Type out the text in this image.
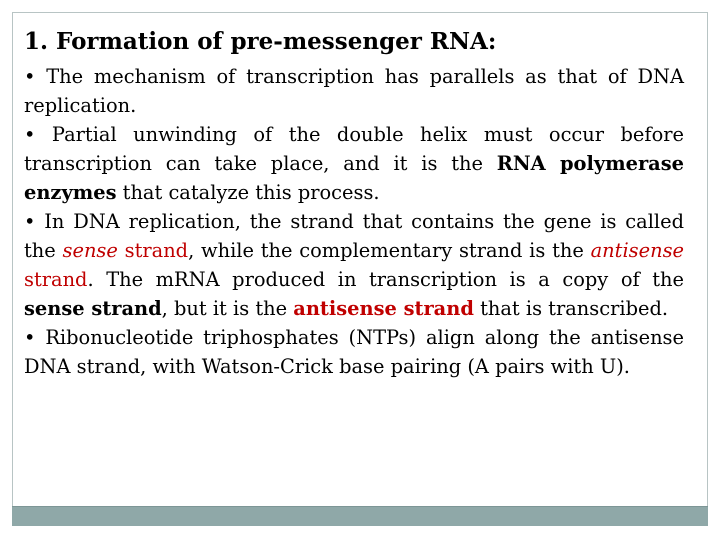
1. Formation of pre-messenger RNA:

• The mechanism of transcription has parallels as that of DNA replication.

• Partial unwinding of the double helix must occur before transcription can take place, and it is the RNA polymerase enzymes that catalyze this process.

• In DNA replication, the strand that contains the gene is called the sense strand, while the complementary strand is the antisense strand. The mRNA produced in transcription is a copy of the sense strand, but it is the antisense strand that is transcribed.

• Ribonucleotide triphosphates (NTPs) align along the antisense DNA strand, with Watson-Crick base pairing (A pairs with U).
